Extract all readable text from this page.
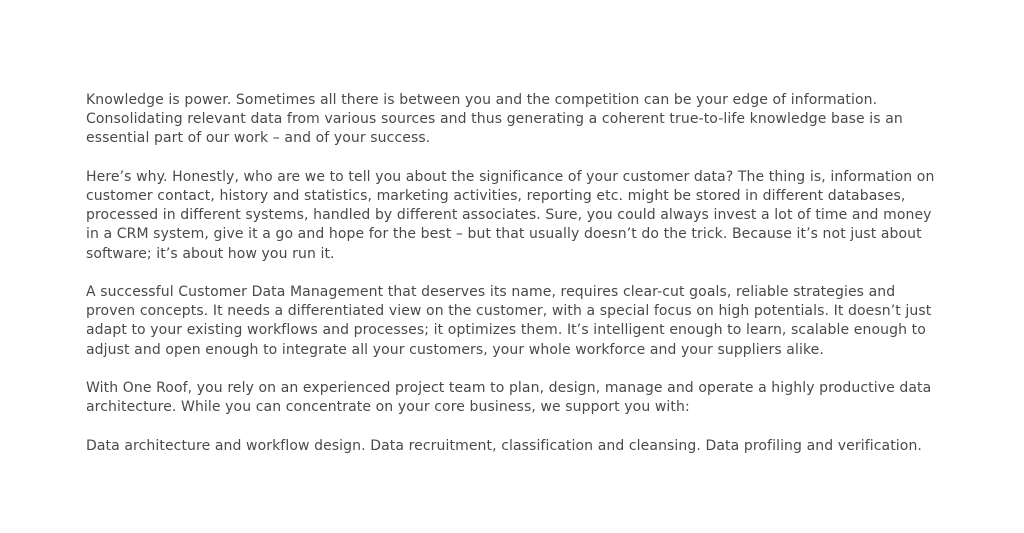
Knowledge is power. Sometimes all there is between you and the competition can be your edge of information. Consolidating relevant data from various sources and thus generating a coherent true-to-life knowledge base is an essential part of our work – and of your success.

Here’s why. Honestly, who are we to tell you about the significance of your customer data? The thing is, information on customer contact, history and statistics, marketing activities, reporting etc. might be stored in different databases, processed in different systems, handled by different associates. Sure, you could always invest a lot of time and money in a CRM system, give it a go and hope for the best – but that usually doesn’t do the trick. Because it’s not just about software; it’s about how you run it.

A successful Customer Data Management that deserves its name, requires clear-cut goals, reliable strategies and proven concepts. It needs a differentiated view on the customer, with a special focus on high potentials. It doesn’t just adapt to your existing workflows and processes; it optimizes them. It’s intelligent enough to learn, scalable enough to adjust and open enough to integrate all your customers, your whole workforce and your suppliers alike.

With One Roof, you rely on an experienced project team to plan, design, manage and operate a highly productive data architecture. While you can concentrate on your core business, we support you with:

Data architecture and workflow design. Data recruitment, classification and cleansing. Data profiling and verification.
